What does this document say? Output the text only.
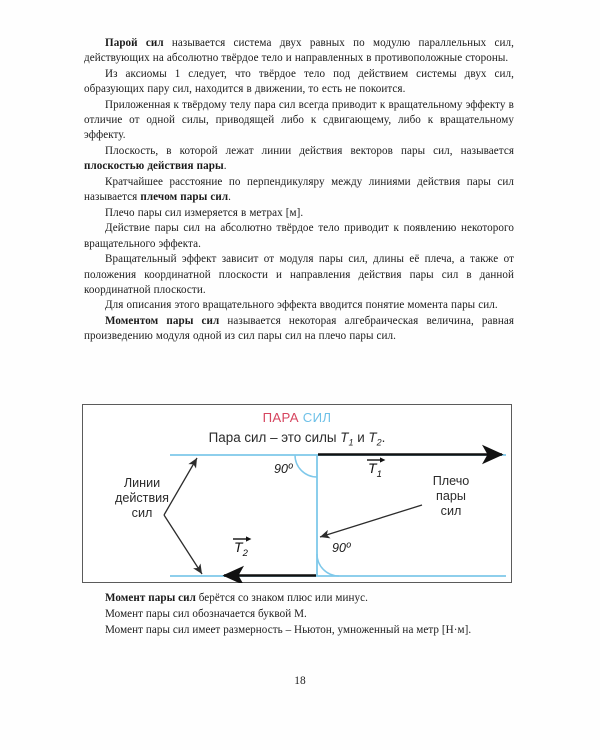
Парой сил называется система двух равных по модулю параллельных сил, действующих на абсолютно твёрдое тело и направленных в противоположные стороны.

Из аксиомы 1 следует, что твёрдое тело под действием системы двух сил, образующих пару сил, находится в движении, то есть не покоится.

Приложенная к твёрдому телу пара сил всегда приводит к вращательному эффекту в отличие от одной силы, приводящей либо к сдвигающему, либо к вращательному эффекту.

Плоскость, в которой лежат линии действия векторов пары сил, называется плоскостью действия пары.

Кратчайшее расстояние по перпендикуляру между линиями действия пары сил называется плечом пары сил.

Плечо пары сил измеряется в метрах [м].

Действие пары сил на абсолютно твёрдое тело приводит к появлению некоторого вращательного эффекта.

Вращательный эффект зависит от модуля пары сил, длины её плеча, а также от положения координатной плоскости и направления действия пары сил в данной координатной плоскости.

Для описания этого вращательного эффекта вводится понятие момента пары сил.

Моментом пары сил называется некоторая алгебраическая величина, равная произведению модуля одной из сил пары сил на плечо пары сил.

ПАРА СИЛ
Пара сил – это силы $T_1$ и $T_2$.
Линии
действия
сил
Плечо
пары
сил
90º
90º
$T_1$
$T_2$

Момент пары сил берётся со знаком плюс или минус.

Момент пары сил обозначается буквой М.

Момент пары сил имеет размерность – Ньютон, умноженный на метр [Н·м].

18
